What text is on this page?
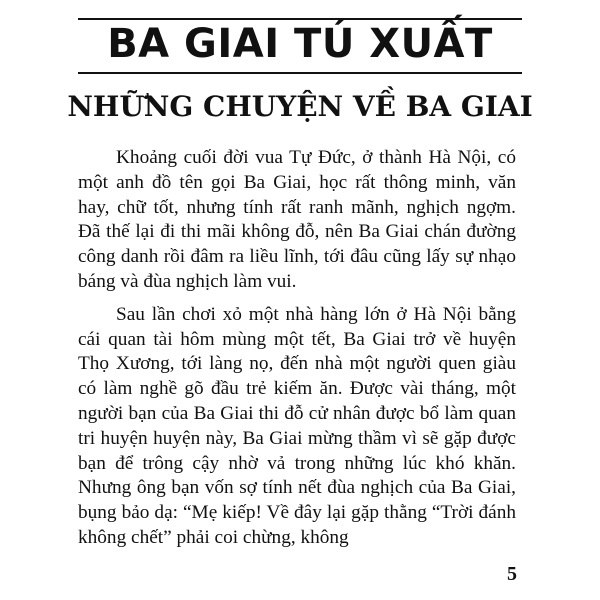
BA GIAI TÚ XUẤT
NHỮNG CHUYỆN VỀ BA GIAI

Khoảng cuối đời vua Tự Đức, ở thành Hà Nội, có một anh đồ tên gọi Ba Giai, học rất thông minh, văn hay, chữ tốt, nhưng tính rất ranh mãnh, nghịch ngợm. Đã thế lại đi thi mãi không đỗ, nên Ba Giai chán đường công danh rồi đâm ra liều lĩnh, tới đâu cũng lấy sự nhạo báng và đùa nghịch làm vui.

Sau lần chơi xỏ một nhà hàng lớn ở Hà Nội bằng cái quan tài hôm mùng một tết, Ba Giai trở về huyện Thọ Xương, tới làng nọ, đến nhà một người quen giàu có làm nghề gõ đầu trẻ kiếm ăn. Được vài tháng, một người bạn của Ba Giai thi đỗ cử nhân được bổ làm quan tri huyện huyện này, Ba Giai mừng thầm vì sẽ gặp được bạn để trông cậy nhờ vả trong những lúc khó khăn. Nhưng ông bạn vốn sợ tính nết đùa nghịch của Ba Giai, bụng bảo dạ: “Mẹ kiếp! Về đây lại gặp thằng “Trời đánh không chết” phải coi chừng, không

5
